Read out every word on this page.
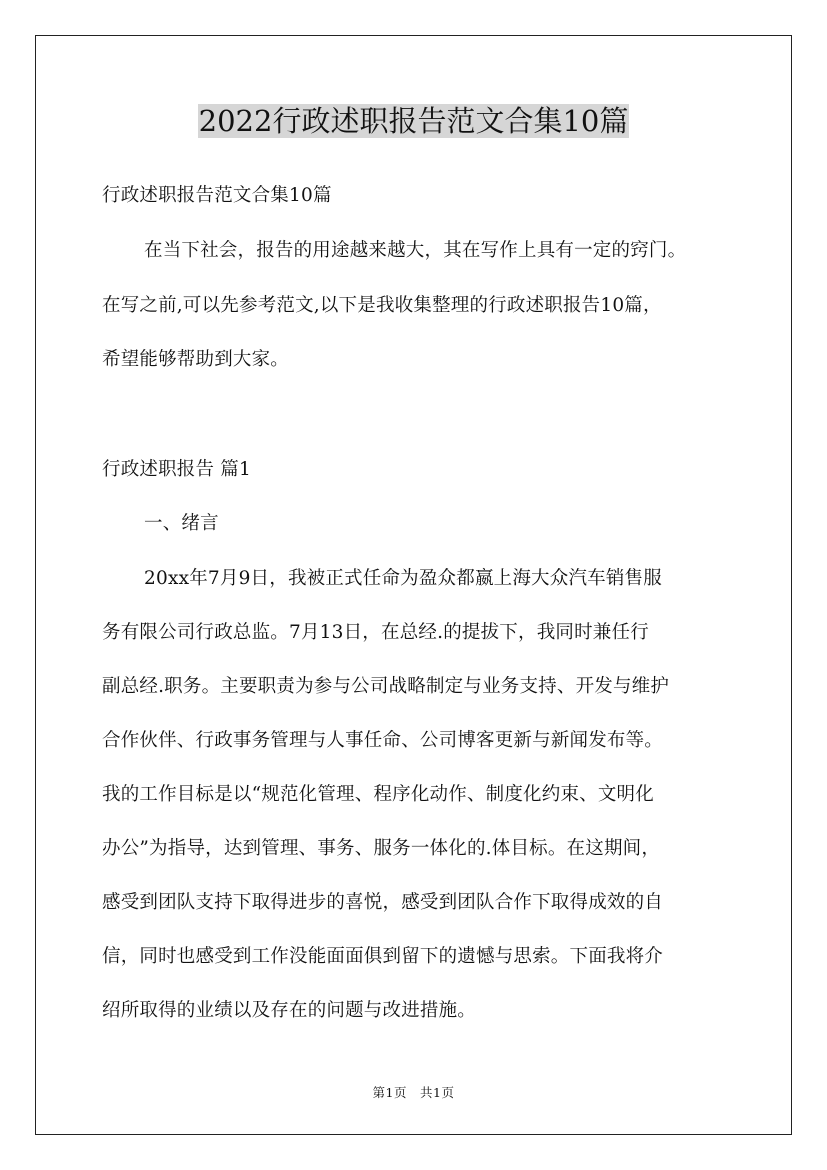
2022行政述职报告范文合集10篇
行政述职报告范文合集10篇
在当下社会，报告的用途越来越大，其在写作上具有一定的窍门。
在写之前,可以先参考范文,以下是我收集整理的行政述职报告10篇，
希望能够帮助到大家。
行政述职报告 篇1
一、绪言
20xx年7月9日，我被正式任命为盈众都嬴上海大众汽车销售服
务有限公司行政总监。7月13日，在总经.的提拔下，我同时兼任行
副总经.职务。主要职责为参与公司战略制定与业务支持、开发与维护
合作伙伴、行政事务管理与人事任命、公司博客更新与新闻发布等。
我的工作目标是以“规范化管理、程序化动作、制度化约束、文明化
办公”为指导，达到管理、事务、服务一体化的.体目标。在这期间，
感受到团队支持下取得进步的喜悦，感受到团队合作下取得成效的自
信，同时也感受到工作没能面面俱到留下的遗憾与思索。下面我将介
绍所取得的业绩以及存在的问题与改进措施。
第1页　共1页
